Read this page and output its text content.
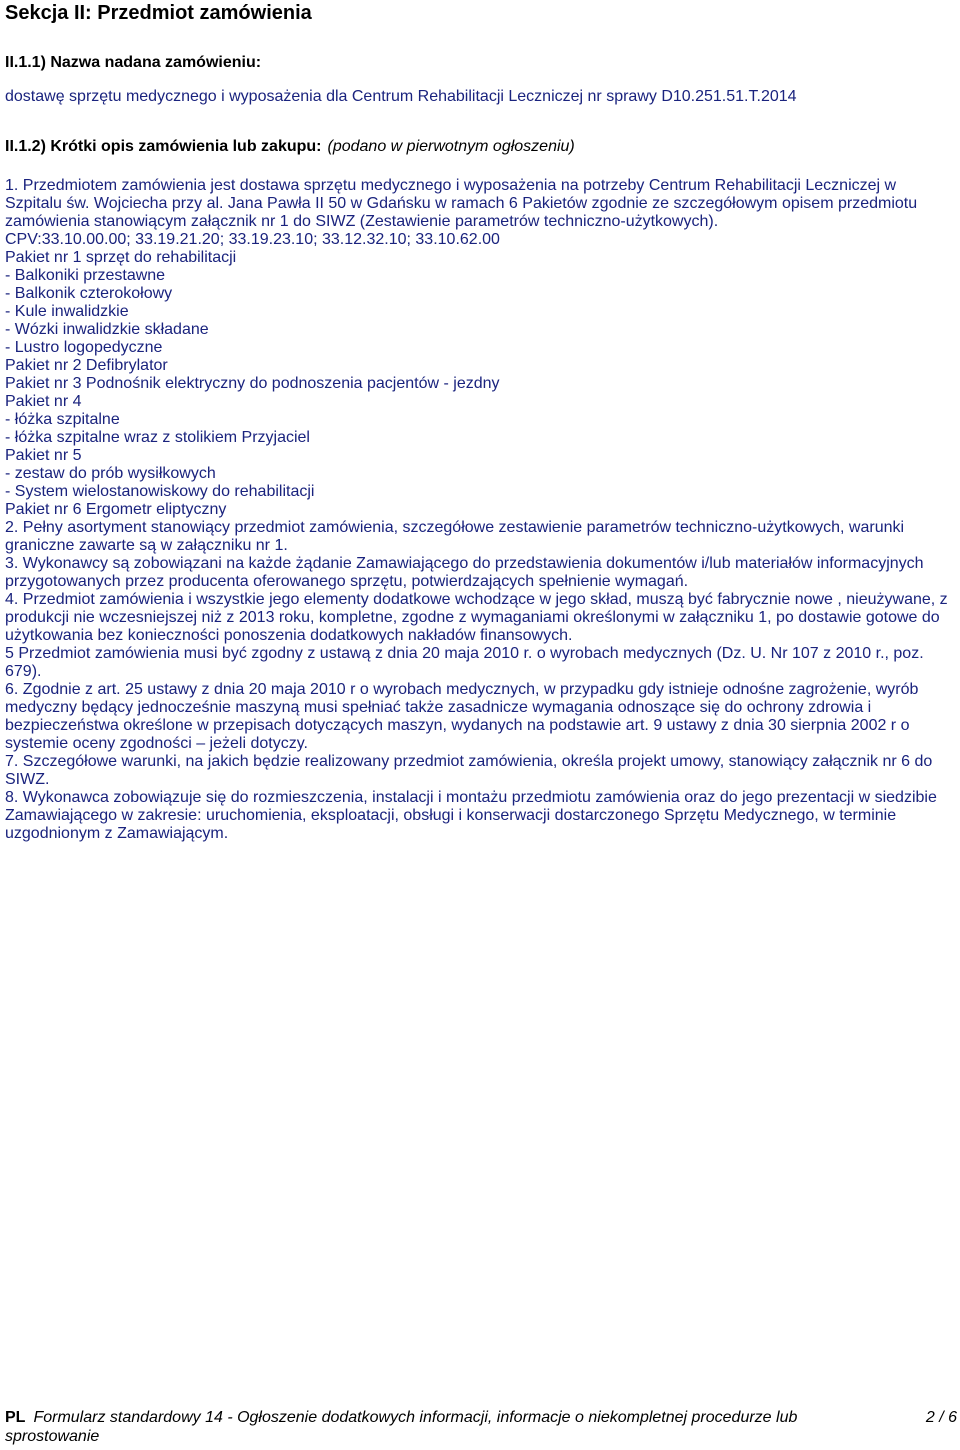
Sekcja II: Przedmiot zamówienia
II.1.1) Nazwa nadana zamówieniu:
dostawę sprzętu medycznego i wyposażenia dla Centrum Rehabilitacji Leczniczej nr sprawy D10.251.51.T.2014
II.1.2) Krótki opis zamówienia lub zakupu: (podano w pierwotnym ogłoszeniu)

1. Przedmiotem zamówienia jest dostawa sprzętu medycznego i wyposażenia na potrzeby Centrum Rehabilitacji Leczniczej w Szpitalu św. Wojciecha przy al. Jana Pawła II 50 w Gdańsku w ramach 6 Pakietów zgodnie ze szczegółowym opisem przedmiotu zamówienia stanowiącym załącznik nr 1 do SIWZ (Zestawienie parametrów techniczno-użytkowych).

CPV:33.10.00.00; 33.19.21.20; 33.19.23.10; 33.12.32.10; 33.10.62.00

Pakiet nr 1 sprzęt do rehabilitacji

- Balkoniki przestawne

- Balkonik czterokołowy

- Kule inwalidzkie

- Wózki inwalidzkie składane

- Lustro logopedyczne

Pakiet nr 2 Defibrylator

Pakiet nr 3 Podnośnik elektryczny do podnoszenia pacjentów - jezdny

Pakiet nr 4

- łóżka szpitalne

- łóżka szpitalne wraz z stolikiem Przyjaciel

Pakiet nr 5

- zestaw do prób wysiłkowych

- System wielostanowiskowy do rehabilitacji

Pakiet nr 6 Ergometr eliptyczny

2. Pełny asortyment stanowiący przedmiot zamówienia, szczegółowe zestawienie parametrów techniczno-użytkowych, warunki graniczne zawarte są w załączniku nr 1.

3. Wykonawcy są zobowiązani na każde żądanie Zamawiającego do przedstawienia dokumentów i/lub materiałów informacyjnych przygotowanych przez producenta oferowanego sprzętu, potwierdzających spełnienie wymagań.

4. Przedmiot zamówienia i wszystkie jego elementy dodatkowe wchodzące w jego skład, muszą być fabrycznie nowe , nieużywane, z produkcji nie wczesniejszej niż z 2013 roku, kompletne, zgodne z wymaganiami określonymi w załączniku 1, po dostawie gotowe do użytkowania bez konieczności ponoszenia dodatkowych nakładów finansowych.

5 Przedmiot zamówienia musi być zgodny z ustawą z dnia 20 maja 2010 r. o wyrobach medycznych (Dz. U. Nr 107 z 2010 r., poz. 679).

6. Zgodnie z art. 25 ustawy z dnia 20 maja 2010 r o wyrobach medycznych, w przypadku gdy istnieje odnośne zagrożenie, wyrób medyczny będący jednocześnie maszyną musi spełniać także zasadnicze wymagania odnoszące się do ochrony zdrowia i bezpieczeństwa określone w przepisach dotyczących maszyn, wydanych na podstawie art. 9 ustawy z dnia 30 sierpnia 2002 r o systemie oceny zgodności – jeżeli dotyczy.

7. Szczegółowe warunki, na jakich będzie realizowany przedmiot zamówienia, określa projekt umowy, stanowiący załącznik nr 6 do SIWZ.

8. Wykonawca zobowiązuje się do rozmieszczenia, instalacji i montażu przedmiotu zamówienia oraz do jego prezentacji w siedzibie Zamawiającego w zakresie: uruchomienia, eksploatacji, obsługi i konserwacji dostarczonego Sprzętu Medycznego, w terminie uzgodnionym z Zamawiającym.

PL Formularz standardowy 14 - Ogłoszenie dodatkowych informacji, informacje o niekompletnej procedurze lub sprostowanie
2 / 6
